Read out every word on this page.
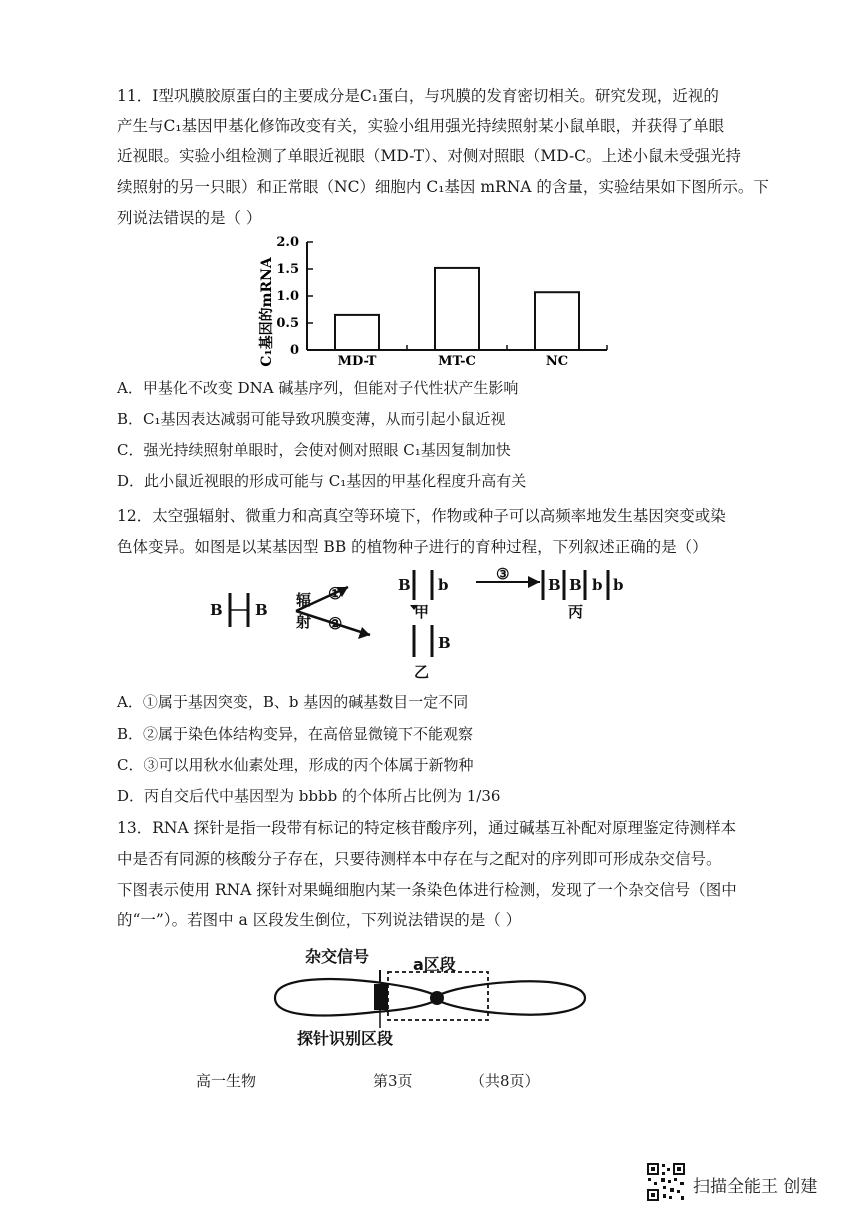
11．Ⅰ型巩膜胶原蛋白的主要成分是C₁蛋白，与巩膜的发育密切相关。研究发现，近视的
产生与C₁基因甲基化修饰改变有关，实验小组用强光持续照射某小鼠单眼，并获得了单眼
近视眼。实验小组检测了单眼近视眼（MD-T）、对侧对照眼（MD-C。上述小鼠未受强光持
续照射的另一只眼）和正常眼（NC）细胞内 C₁基因 mRNA 的含量，实验结果如下图所示。下
列说法错误的是（ ）
0
0.5
1.0
1.5
2.0
MD-T	MT-C	NC
C₁基因的mRNA
A．甲基化不改变 DNA 碱基序列，但能对子代性状产生影响
B．C₁基因表达减弱可能导致巩膜变薄，从而引起小鼠近视
C．强光持续照射单眼时，会使对侧对照眼 C₁基因复制加快
D．此小鼠近视眼的形成可能与 C₁基因的甲基化程度升高有关
12．太空强辐射、微重力和高真空等环境下，作物或种子可以高频率地发生基因突变或染
色体变异。如图是以某基因型 BB 的植物种子进行的育种过程，下列叙述正确的是（）
B B
辐
射
①
②
B b
甲
③
B B b b
丙
B
乙
A．①属于基因突变，B、b 基因的碱基数目一定不同
B．②属于染色体结构变异，在高倍显微镜下不能观察
C．③可以用秋水仙素处理，形成的丙个体属于新物种
D．丙自交后代中基因型为 bbbb 的个体所占比例为 1/36
13．RNA 探针是指一段带有标记的特定核苷酸序列，通过碱基互补配对原理鉴定待测样本
中是否有同源的核酸分子存在，只要待测样本中存在与之配对的序列即可形成杂交信号。
下图表示使用 RNA 探针对果蝇细胞内某一条染色体进行检测，发现了一个杂交信号（图中
的“一”）。若图中 a 区段发生倒位，下列说法错误的是（ ）
杂交信号	a区段
探针识别区段
高一生物	第3页	（共8页）
扫描全能王 创建
